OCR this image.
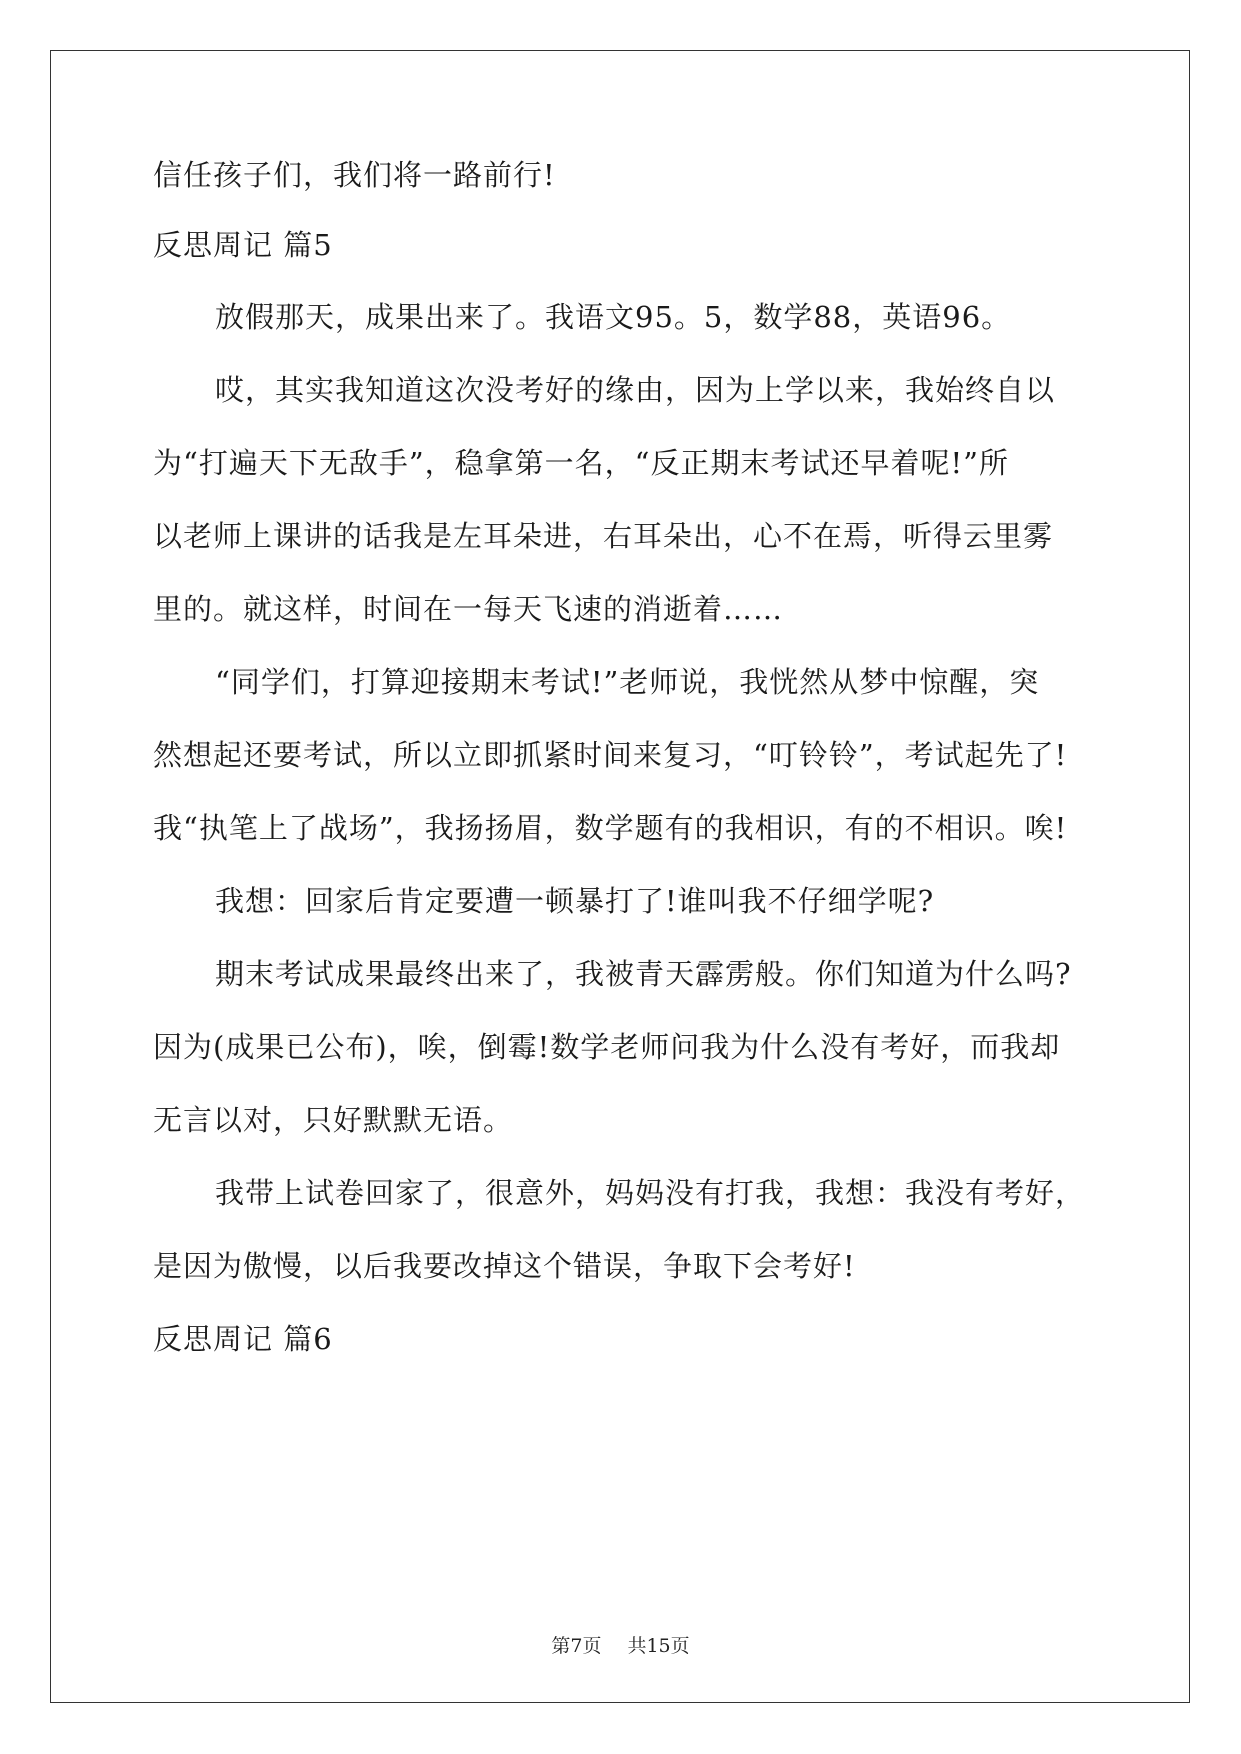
信任孩子们，我们将一路前行!
反思周记 篇5
放假那天，成果出来了。我语文95。5，数学88，英语96。
哎，其实我知道这次没考好的缘由，因为上学以来，我始终自以
为“打遍天下无敌手”，稳拿第一名，“反正期末考试还早着呢!”所
以老师上课讲的话我是左耳朵进，右耳朵出，心不在焉，听得云里雾
里的。就这样，时间在一每天飞速的消逝着……
“同学们，打算迎接期末考试!”老师说，我恍然从梦中惊醒，突
然想起还要考试，所以立即抓紧时间来复习，“叮铃铃”，考试起先了!
我“执笔上了战场”，我扬扬眉，数学题有的我相识，有的不相识。唉!
我想：回家后肯定要遭一顿暴打了!谁叫我不仔细学呢?
期末考试成果最终出来了，我被青天霹雳般。你们知道为什么吗?
因为(成果已公布)，唉，倒霉!数学老师问我为什么没有考好，而我却
无言以对，只好默默无语。
我带上试卷回家了，很意外，妈妈没有打我，我想：我没有考好，
是因为傲慢，以后我要改掉这个错误，争取下会考好!
反思周记 篇6
第7页 共15页
